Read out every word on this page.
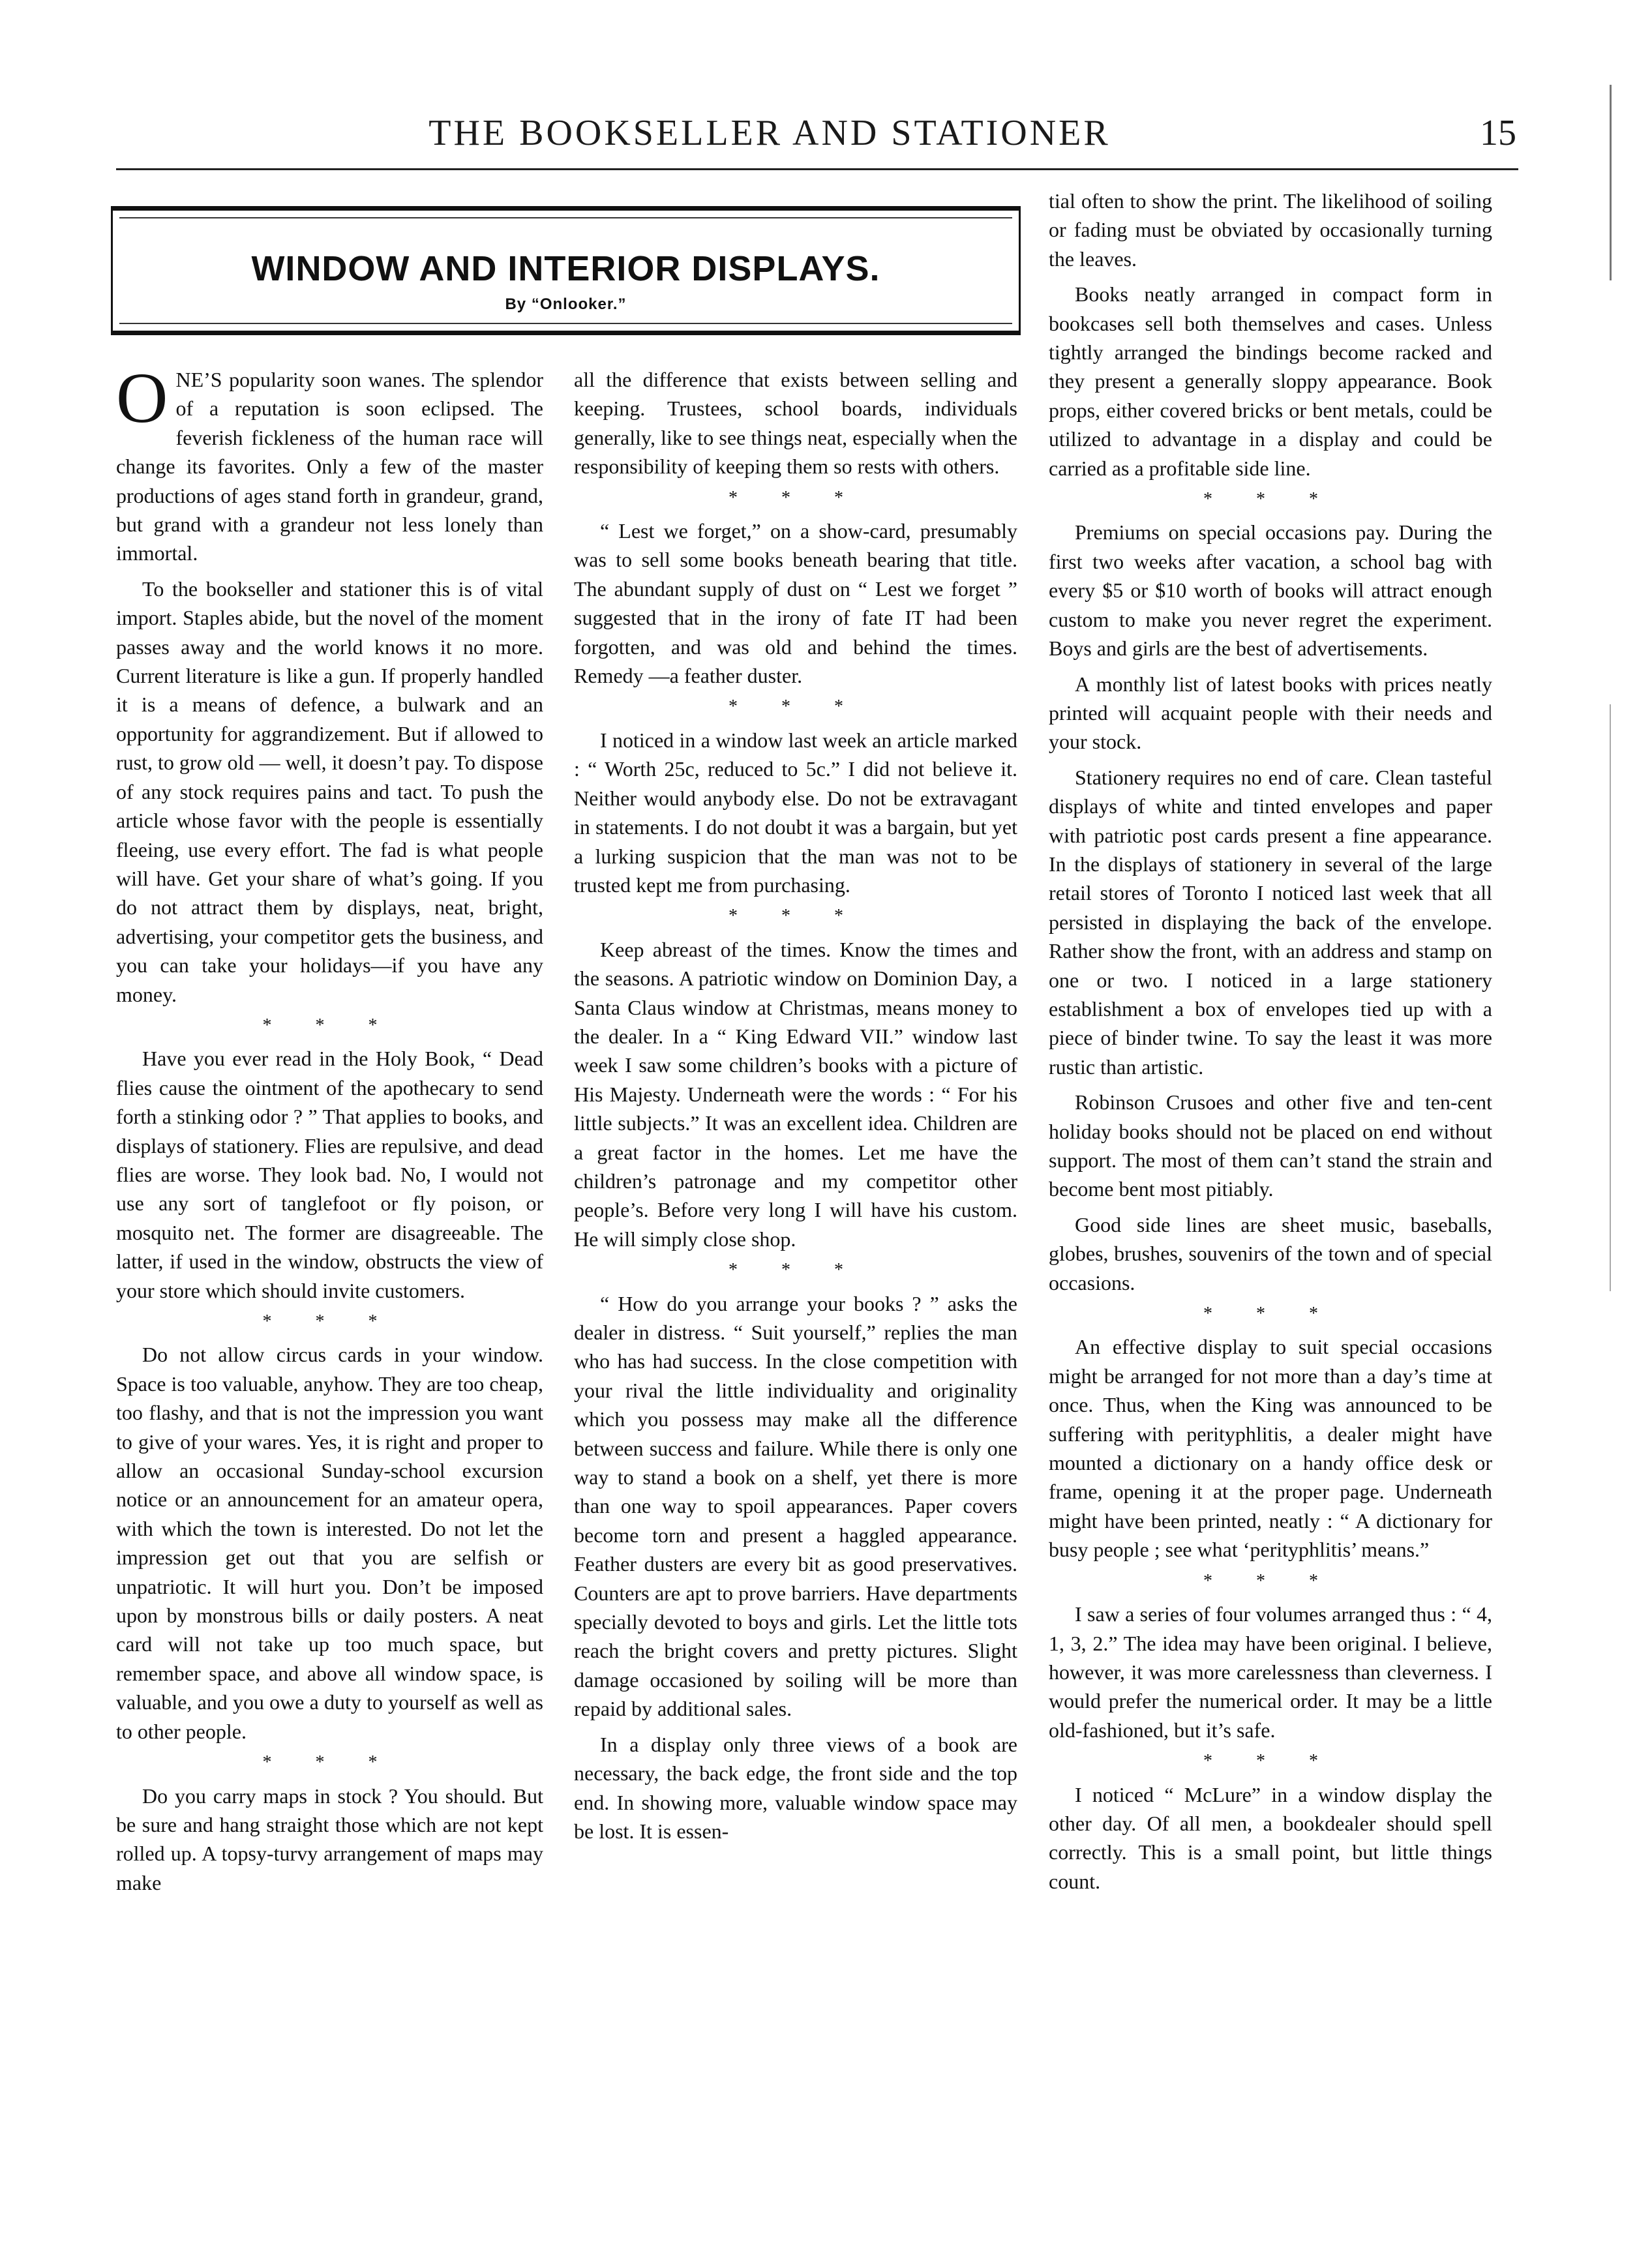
THE BOOKSELLER AND STATIONER	15
WINDOW AND INTERIOR DISPLAYS.
By “Onlooker.”

ONE’S popularity soon wanes. The splendor of a reputation is soon eclipsed. The feverish fickleness of the human race will change its favorites. Only a few of the master productions of ages stand forth in grandeur, grand, but grand with a grandeur not less lonely than immortal.

To the bookseller and stationer this is of vital import. Staples abide, but the novel of the moment passes away and the world knows it no more. Current literature is like a gun. If properly handled it is a means of defence, a bulwark and an opportunity for aggrandizement. But if allowed to rust, to grow old — well, it doesn’t pay. To dispose of any stock requires pains and tact. To push the article whose favor with the people is essentially fleeing, use every effort. The fad is what people will have. Get your share of what’s going. If you do not attract them by displays, neat, bright, advertising, your competitor gets the business, and you can take your holidays—if you have any money.

* * *

Have you ever read in the Holy Book, “ Dead flies cause the ointment of the apothecary to send forth a stinking odor ? ” That applies to books, and displays of stationery. Flies are repulsive, and dead flies are worse. They look bad. No, I would not use any sort of tanglefoot or fly poison, or mosquito net. The former are disagreeable. The latter, if used in the window, obstructs the view of your store which should invite customers.

* * *

Do not allow circus cards in your window. Space is too valuable, anyhow. They are too cheap, too flashy, and that is not the impression you want to give of your wares. Yes, it is right and proper to allow an occasional Sunday-school excursion notice or an announcement for an amateur opera, with which the town is interested. Do not let the impression get out that you are selfish or unpatriotic. It will hurt you. Don’t be imposed upon by monstrous bills or daily posters. A neat card will not take up too much space, but remember space, and above all window space, is valuable, and you owe a duty to yourself as well as to other people.

* * *

Do you carry maps in stock ? You should. But be sure and hang straight those which are not kept rolled up. A topsy-turvy arrangement of maps may make

all the difference that exists between selling and keeping. Trustees, school boards, individuals generally, like to see things neat, especially when the responsibility of keeping them so rests with others.

* * *

“ Lest we forget,” on a show-card, presumably was to sell some books beneath bearing that title. The abundant supply of dust on “ Lest we forget ” suggested that in the irony of fate IT had been forgotten, and was old and behind the times. Remedy —a feather duster.

* * *

I noticed in a window last week an article marked : “ Worth 25c, reduced to 5c.” I did not believe it. Neither would anybody else. Do not be extravagant in statements. I do not doubt it was a bargain, but yet a lurking suspicion that the man was not to be trusted kept me from purchasing.

* * *

Keep abreast of the times. Know the times and the seasons. A patriotic window on Dominion Day, a Santa Claus window at Christmas, means money to the dealer. In a “ King Edward VII.” window last week I saw some children’s books with a picture of His Majesty. Underneath were the words : “ For his little subjects.” It was an excellent idea. Children are a great factor in the homes. Let me have the children’s patronage and my competitor other people’s. Before very long I will have his custom. He will simply close shop.

* * *

“ How do you arrange your books ? ” asks the dealer in distress. “ Suit yourself,” replies the man who has had success. In the close competition with your rival the little individuality and originality which you possess may make all the difference between success and failure. While there is only one way to stand a book on a shelf, yet there is more than one way to spoil appearances. Paper covers become torn and present a haggled appearance. Feather dusters are every bit as good preservatives. Counters are apt to prove barriers. Have departments specially devoted to boys and girls. Let the little tots reach the bright covers and pretty pictures. Slight damage occasioned by soiling will be more than repaid by additional sales.

In a display only three views of a book are necessary, the back edge, the front side and the top end. In showing more, valuable window space may be lost. It is essen-

tial often to show the print. The likelihood of soiling or fading must be obviated by occasionally turning the leaves.

Books neatly arranged in compact form in bookcases sell both themselves and cases. Unless tightly arranged the bindings become racked and they present a generally sloppy appearance. Book props, either covered bricks or bent metals, could be utilized to advantage in a display and could be carried as a profitable side line.

* * *

Premiums on special occasions pay. During the first two weeks after vacation, a school bag with every $5 or $10 worth of books will attract enough custom to make you never regret the experiment. Boys and girls are the best of advertisements.

A monthly list of latest books with prices neatly printed will acquaint people with their needs and your stock.

Stationery requires no end of care. Clean tasteful displays of white and tinted envelopes and paper with patriotic post cards present a fine appearance. In the displays of stationery in several of the large retail stores of Toronto I noticed last week that all persisted in displaying the back of the envelope. Rather show the front, with an address and stamp on one or two. I noticed in a large stationery establishment a box of envelopes tied up with a piece of binder twine. To say the least it was more rustic than artistic.

Robinson Crusoes and other five and ten-cent holiday books should not be placed on end without support. The most of them can’t stand the strain and become bent most pitiably.

Good side lines are sheet music, baseballs, globes, brushes, souvenirs of the town and of special occasions.

* * *

An effective display to suit special occasions might be arranged for not more than a day’s time at once. Thus, when the King was announced to be suffering with perityphlitis, a dealer might have mounted a dictionary on a handy office desk or frame, opening it at the proper page. Underneath might have been printed, neatly : “ A dictionary for busy people ; see what ‘perityphlitis’ means.”

* * *

I saw a series of four volumes arranged thus : “ 4, 1, 3, 2.” The idea may have been original. I believe, however, it was more carelessness than cleverness. I would prefer the numerical order. It may be a little old-fashioned, but it’s safe.

* * *

I noticed “ McLure” in a window display the other day. Of all men, a bookdealer should spell correctly. This is a small point, but little things count.
